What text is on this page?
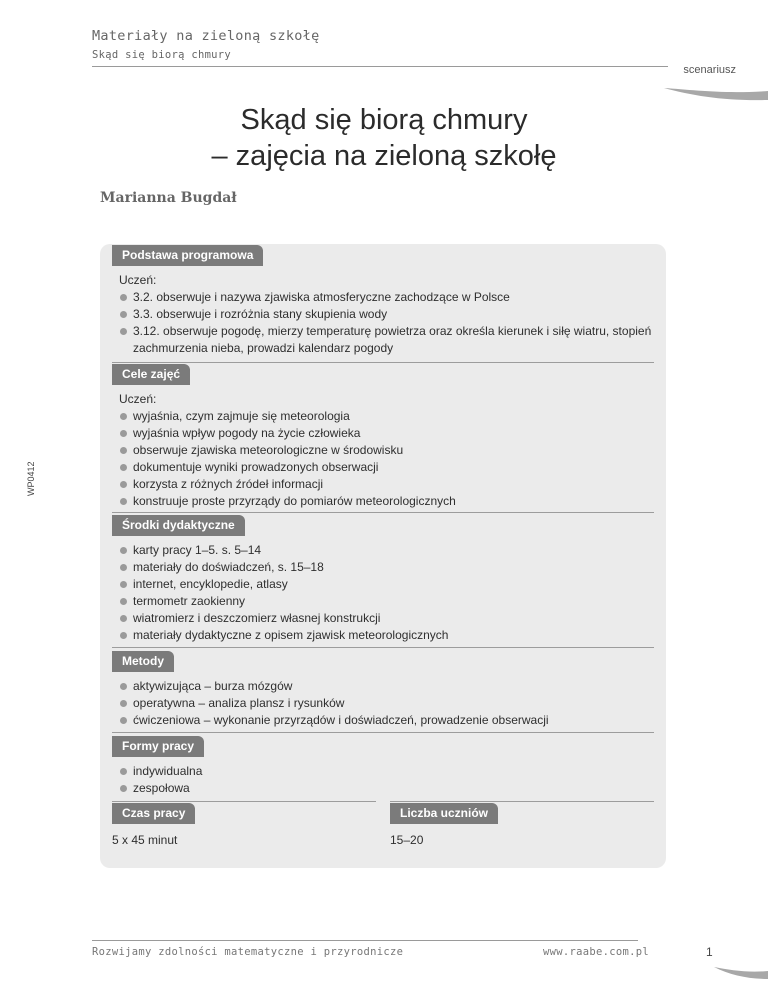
Materiały na zieloną szkołę
Skąd się biorą chmury
scenariusz
WP0412
Skąd się biorą chmury
– zajęcia na zieloną szkołę
Marianna Bugdał
Podstawa programowa

Uczeń:

3.2. obserwuje i nazywa zjawiska atmosferyczne zachodzące w Polsce
3.3. obserwuje i rozróżnia stany skupienia wody
3.12. obserwuje pogodę, mierzy temperaturę powietrza oraz określa kierunek i siłę wiatru, stopień zachmurzenia nieba, prowadzi kalendarz pogody
Cele zajęć

Uczeń:

wyjaśnia, czym zajmuje się meteorologia
wyjaśnia wpływ pogody na życie człowieka
obserwuje zjawiska meteorologiczne w środowisku
dokumentuje wyniki prowadzonych obserwacji
korzysta z różnych źródeł informacji
konstruuje proste przyrządy do pomiarów meteorologicznych
Środki dydaktyczne
karty pracy 1–5. s. 5–14
materiały do doświadczeń, s. 15–18
internet, encyklopedie, atlasy
termometr zaokienny
wiatromierz i deszczomierz własnej konstrukcji
materiały dydaktyczne z opisem zjawisk meteorologicznych
Metody
aktywizująca – burza mózgów
operatywna – analiza plansz i rysunków
ćwiczeniowa – wykonanie przyrządów i doświadczeń, prowadzenie obserwacji
Formy pracy
indywidualna
zespołowa
Czas pracy
5 x 45 minut
Liczba uczniów
15–20
Rozwijamy zdolności matematyczne i przyrodnicze	www.raabe.com.pl	1
